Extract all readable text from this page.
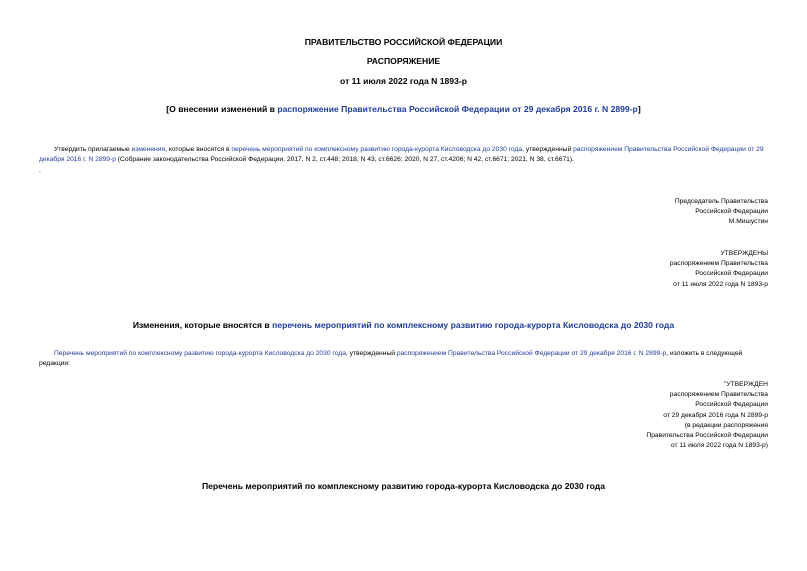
ПРАВИТЕЛЬСТВО РОССИЙСКОЙ ФЕДЕРАЦИИ
РАСПОРЯЖЕНИЕ
от 11 июля 2022 года N 1893-р
[О внесении изменений в распоряжение Правительства Российской Федерации от 29 декабря 2016 г. N 2899-р]
Утвердить прилагаемые изменения, которые вносятся в перечень мероприятий по комплексному развитию города-курорта Кисловодска до 2030 года, утвержденный распоряжением Правительства Российской Федерации от 29 декабря 2016 г. N 2899-р (Собрание законодательства Российской Федерации, 2017, N 2, ст.448; 2018, N 43, ст.6626; 2020, N 27, ст.4206; N 42, ст.6671; 2021, N 38, ст.6671).
.
Председатель Правительства
Российской Федерации
М.Мишустин
УТВЕРЖДЕНЫ
распоряжением Правительства
Российской Федерации
от 11 июля 2022 года N 1893-р
Изменения, которые вносятся в перечень мероприятий по комплексному развитию города-курорта Кисловодска до 2030 года
Перечень мероприятий по комплексному развитию города-курорта Кисловодска до 2030 года, утвержденный распоряжением Правительства Российской Федерации от 29 декабря 2016 г. N 2899-р, изложить в следующей редакции:
"УТВЕРЖДЕН
распоряжением Правительства
Российской Федерации
от 29 декабря 2016 года N 2899-р
(в редакции распоряжения
Правительства Российской Федерации
от 11 июля 2022 года N 1893-р)
Перечень мероприятий по комплексному развитию города-курорта Кисловодска до 2030 года
